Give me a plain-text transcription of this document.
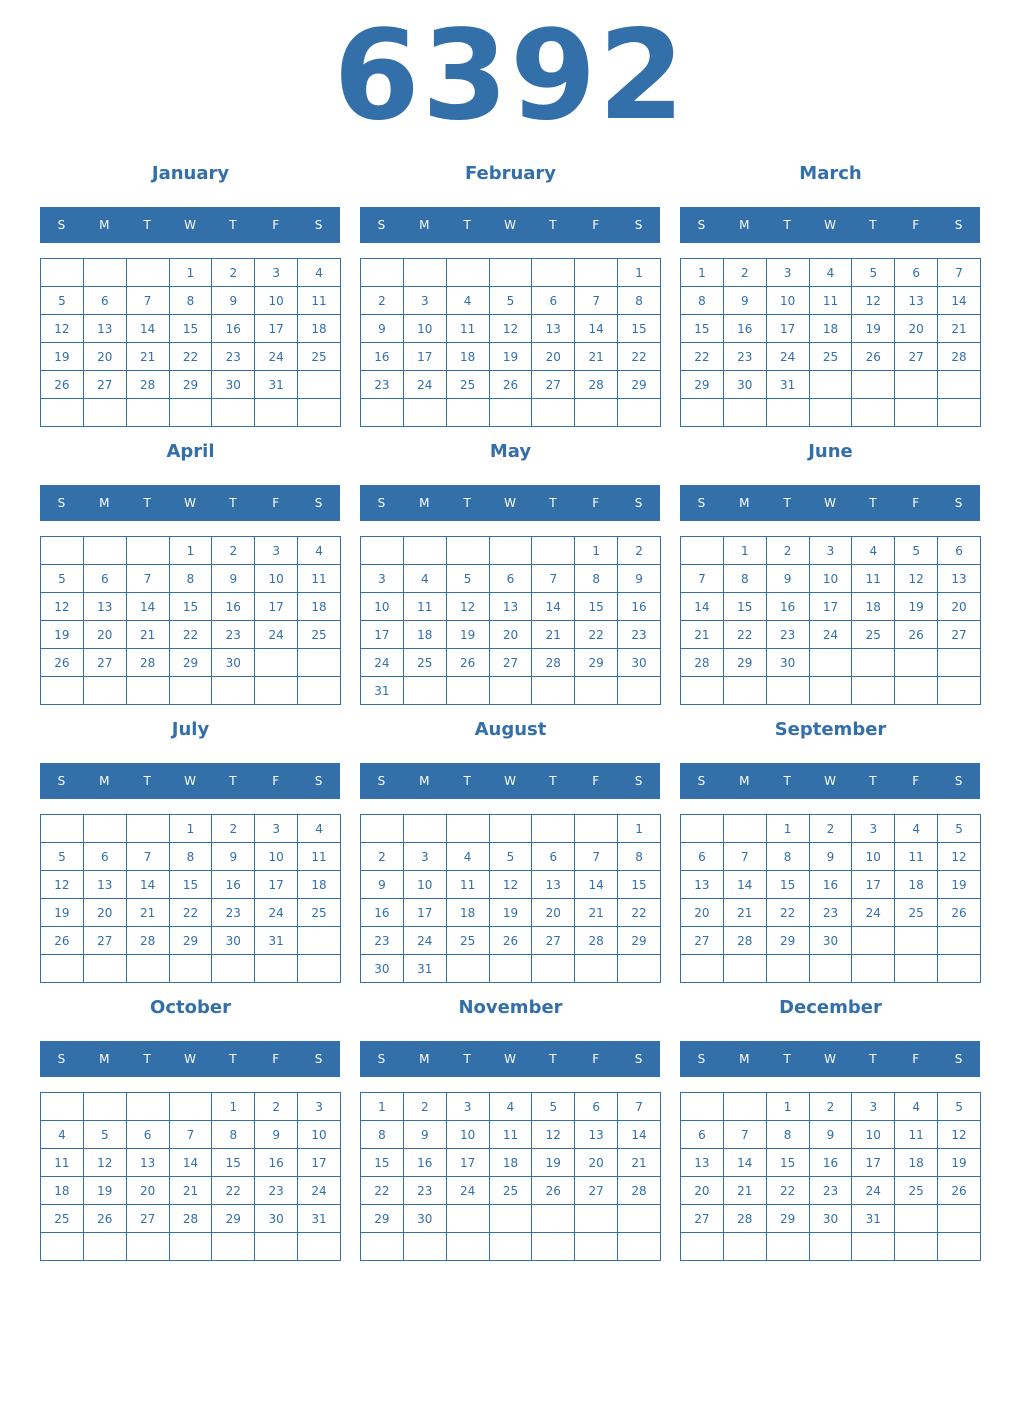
6392
January
S	M	T	W	T	F	S
			1	2	3	4
5	6	7	8	9	10	11
12	13	14	15	16	17	18
19	20	21	22	23	24	25
26	27	28	29	30	31	

February
S	M	T	W	T	F	S
						1
2	3	4	5	6	7	8
9	10	11	12	13	14	15
16	17	18	19	20	21	22
23	24	25	26	27	28	29

March
S	M	T	W	T	F	S
1	2	3	4	5	6	7
8	9	10	11	12	13	14
15	16	17	18	19	20	21
22	23	24	25	26	27	28
29	30	31				

April
S	M	T	W	T	F	S
			1	2	3	4
5	6	7	8	9	10	11
12	13	14	15	16	17	18
19	20	21	22	23	24	25
26	27	28	29	30		

May
S	M	T	W	T	F	S
					1	2
3	4	5	6	7	8	9
10	11	12	13	14	15	16
17	18	19	20	21	22	23
24	25	26	27	28	29	30
31						
June
S	M	T	W	T	F	S
	1	2	3	4	5	6
7	8	9	10	11	12	13
14	15	16	17	18	19	20
21	22	23	24	25	26	27
28	29	30				

July
S	M	T	W	T	F	S
			1	2	3	4
5	6	7	8	9	10	11
12	13	14	15	16	17	18
19	20	21	22	23	24	25
26	27	28	29	30	31	

August
S	M	T	W	T	F	S
						1
2	3	4	5	6	7	8
9	10	11	12	13	14	15
16	17	18	19	20	21	22
23	24	25	26	27	28	29
30	31					
September
S	M	T	W	T	F	S
		1	2	3	4	5
6	7	8	9	10	11	12
13	14	15	16	17	18	19
20	21	22	23	24	25	26
27	28	29	30			

October
S	M	T	W	T	F	S
				1	2	3
4	5	6	7	8	9	10
11	12	13	14	15	16	17
18	19	20	21	22	23	24
25	26	27	28	29	30	31

November
S	M	T	W	T	F	S
1	2	3	4	5	6	7
8	9	10	11	12	13	14
15	16	17	18	19	20	21
22	23	24	25	26	27	28
29	30					

December
S	M	T	W	T	F	S
		1	2	3	4	5
6	7	8	9	10	11	12
13	14	15	16	17	18	19
20	21	22	23	24	25	26
27	28	29	30	31		
